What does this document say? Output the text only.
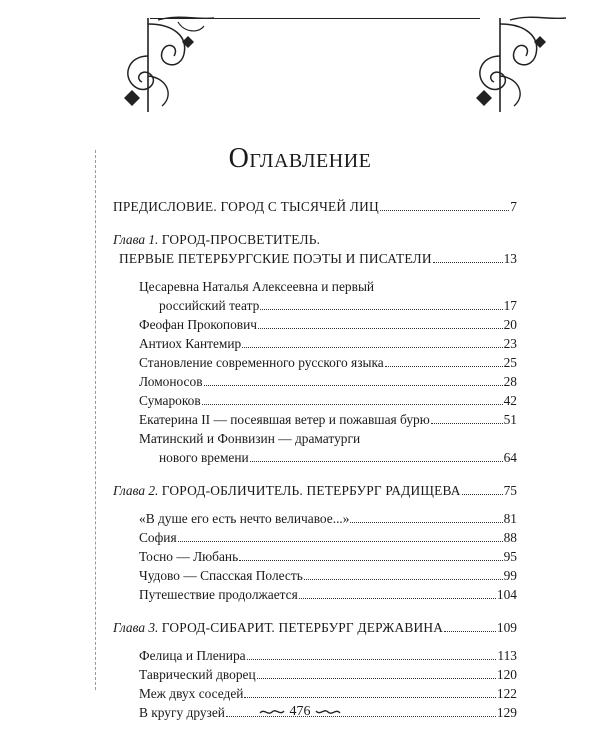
Оглавление
ПРЕДИСЛОВИЕ. ГОРОД С ТЫСЯЧЕЙ ЛИЦ	7
Глава 1. ГОРОД-ПРОСВЕТИТЕЛЬ.
ПЕРВЫЕ ПЕТЕРБУРГСКИЕ ПОЭТЫ И ПИСАТЕЛИ	13
Цесаревна Наталья Алексеевна и первый
российский театр	17
Феофан Прокопович	20
Антиох Кантемир	23
Становление современного русского языка	25
Ломоносов	28
Сумароков	42
Екатерина II — посеявшая ветер и пожавшая бурю	51
Матинский и Фонвизин — драматурги
нового времени	64
Глава 2. ГОРОД-ОБЛИЧИТЕЛЬ. ПЕТЕРБУРГ РАДИЩЕВА	75
«В душе его есть нечто величавое...»	81
София	88
Тосно — Любань	95
Чудово — Спасская Полесть	99
Путешествие продолжается	104
Глава 3. ГОРОД-СИБАРИТ. ПЕТЕРБУРГ ДЕРЖАВИНА	109
Фелица и Пленира	113
Таврический дворец	120
Меж двух соседей	122
В кругу друзей	129
476
